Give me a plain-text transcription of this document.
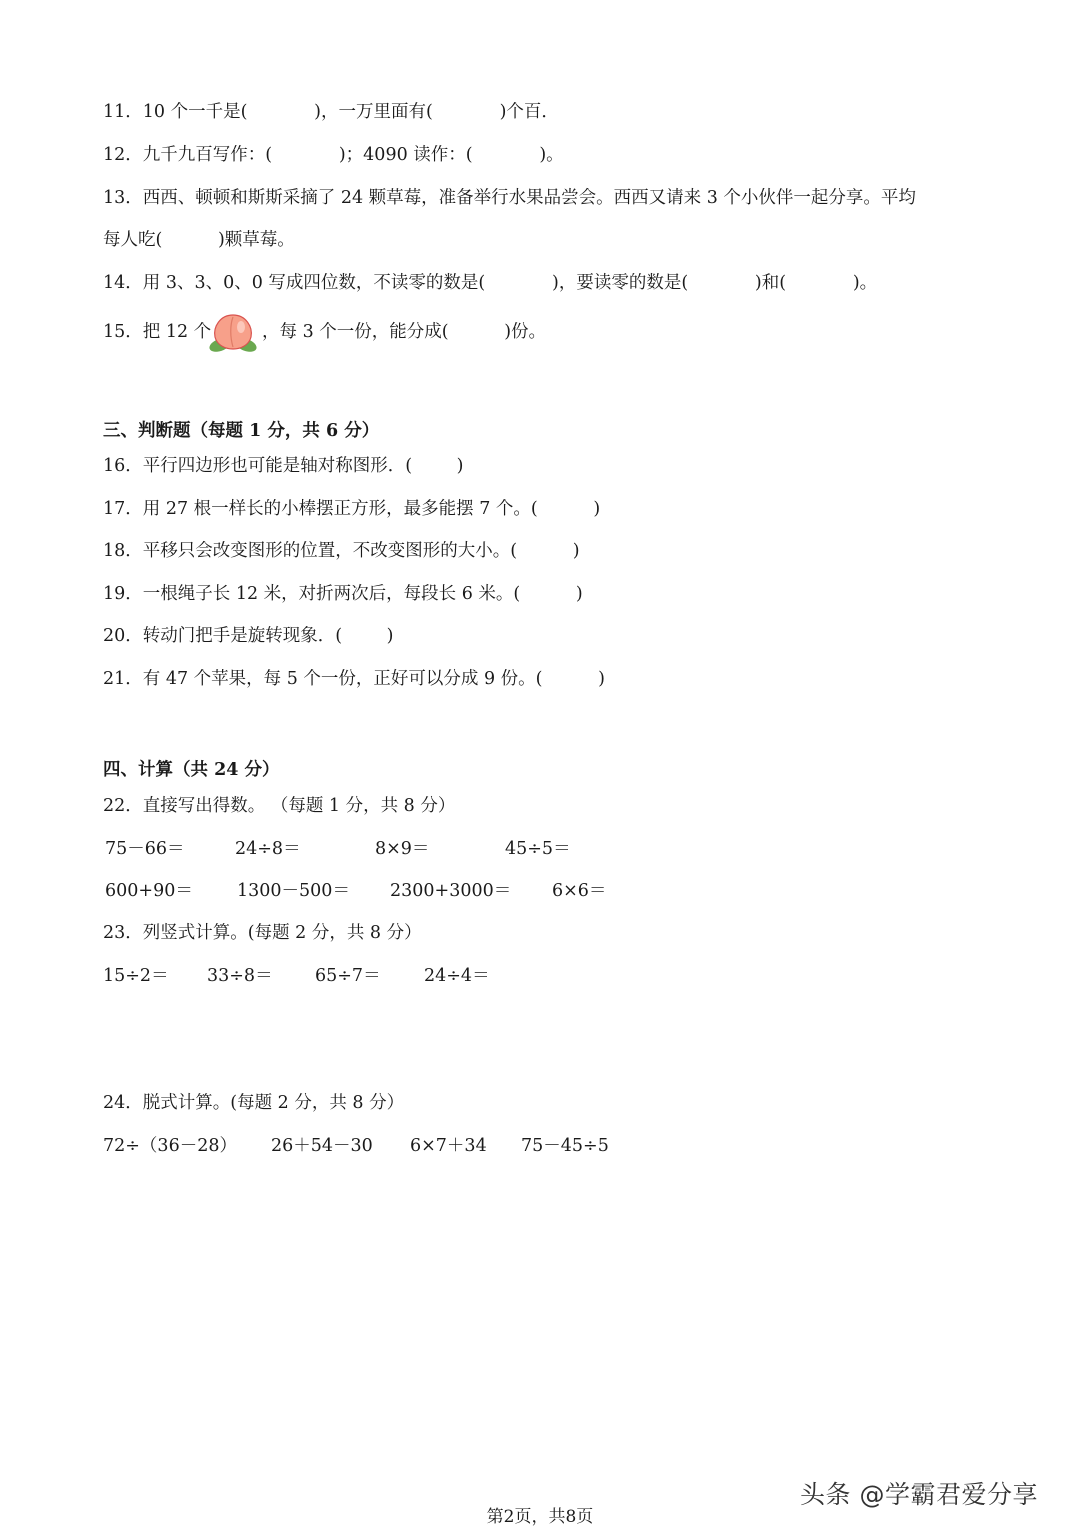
11．10 个一千是(            )，一万里面有(            )个百．
12．九千九百写作：(            )；4090 读作：(            )。
13．西西、顿顿和斯斯采摘了 24 颗草莓，准备举行水果品尝会。西西又请来 3 个小伙伴一起分享。平均
每人吃(          )颗草莓。
14．用 3、3、0、0 写成四位数，不读零的数是(            )，要读零的数是(            )和(            )。
15．把 12 个	，每 3 个一份，能分成(          )份。
三、判断题（每题 1 分，共 6 分）
16．平行四边形也可能是轴对称图形．(        )
17．用 27 根一样长的小棒摆正方形，最多能摆 7 个。(          )
18．平移只会改变图形的位置，不改变图形的大小。(          )
19．一根绳子长 12 米，对折两次后，每段长 6 米。(          )
20．转动门把手是旋转现象．(        )
21．有 47 个苹果，每 5 个一份，正好可以分成 9 份。(          )
四、计算（共 24 分）
22．直接写出得数。 （每题 1 分，共 8 分）
75－66＝	24÷8＝	8×9＝	45÷5＝
600+90＝	1300－500＝ 2300+3000＝ 6×6＝
23．列竖式计算。(每题 2 分，共 8 分）
15÷2＝ 33÷8＝ 65÷7＝ 24÷4＝
24．脱式计算。(每题 2 分，共 8 分）
72÷（36－28） 26＋54－30 6×7＋34 75－45÷5
头条 @学霸君爱分享
第2页，共8页
